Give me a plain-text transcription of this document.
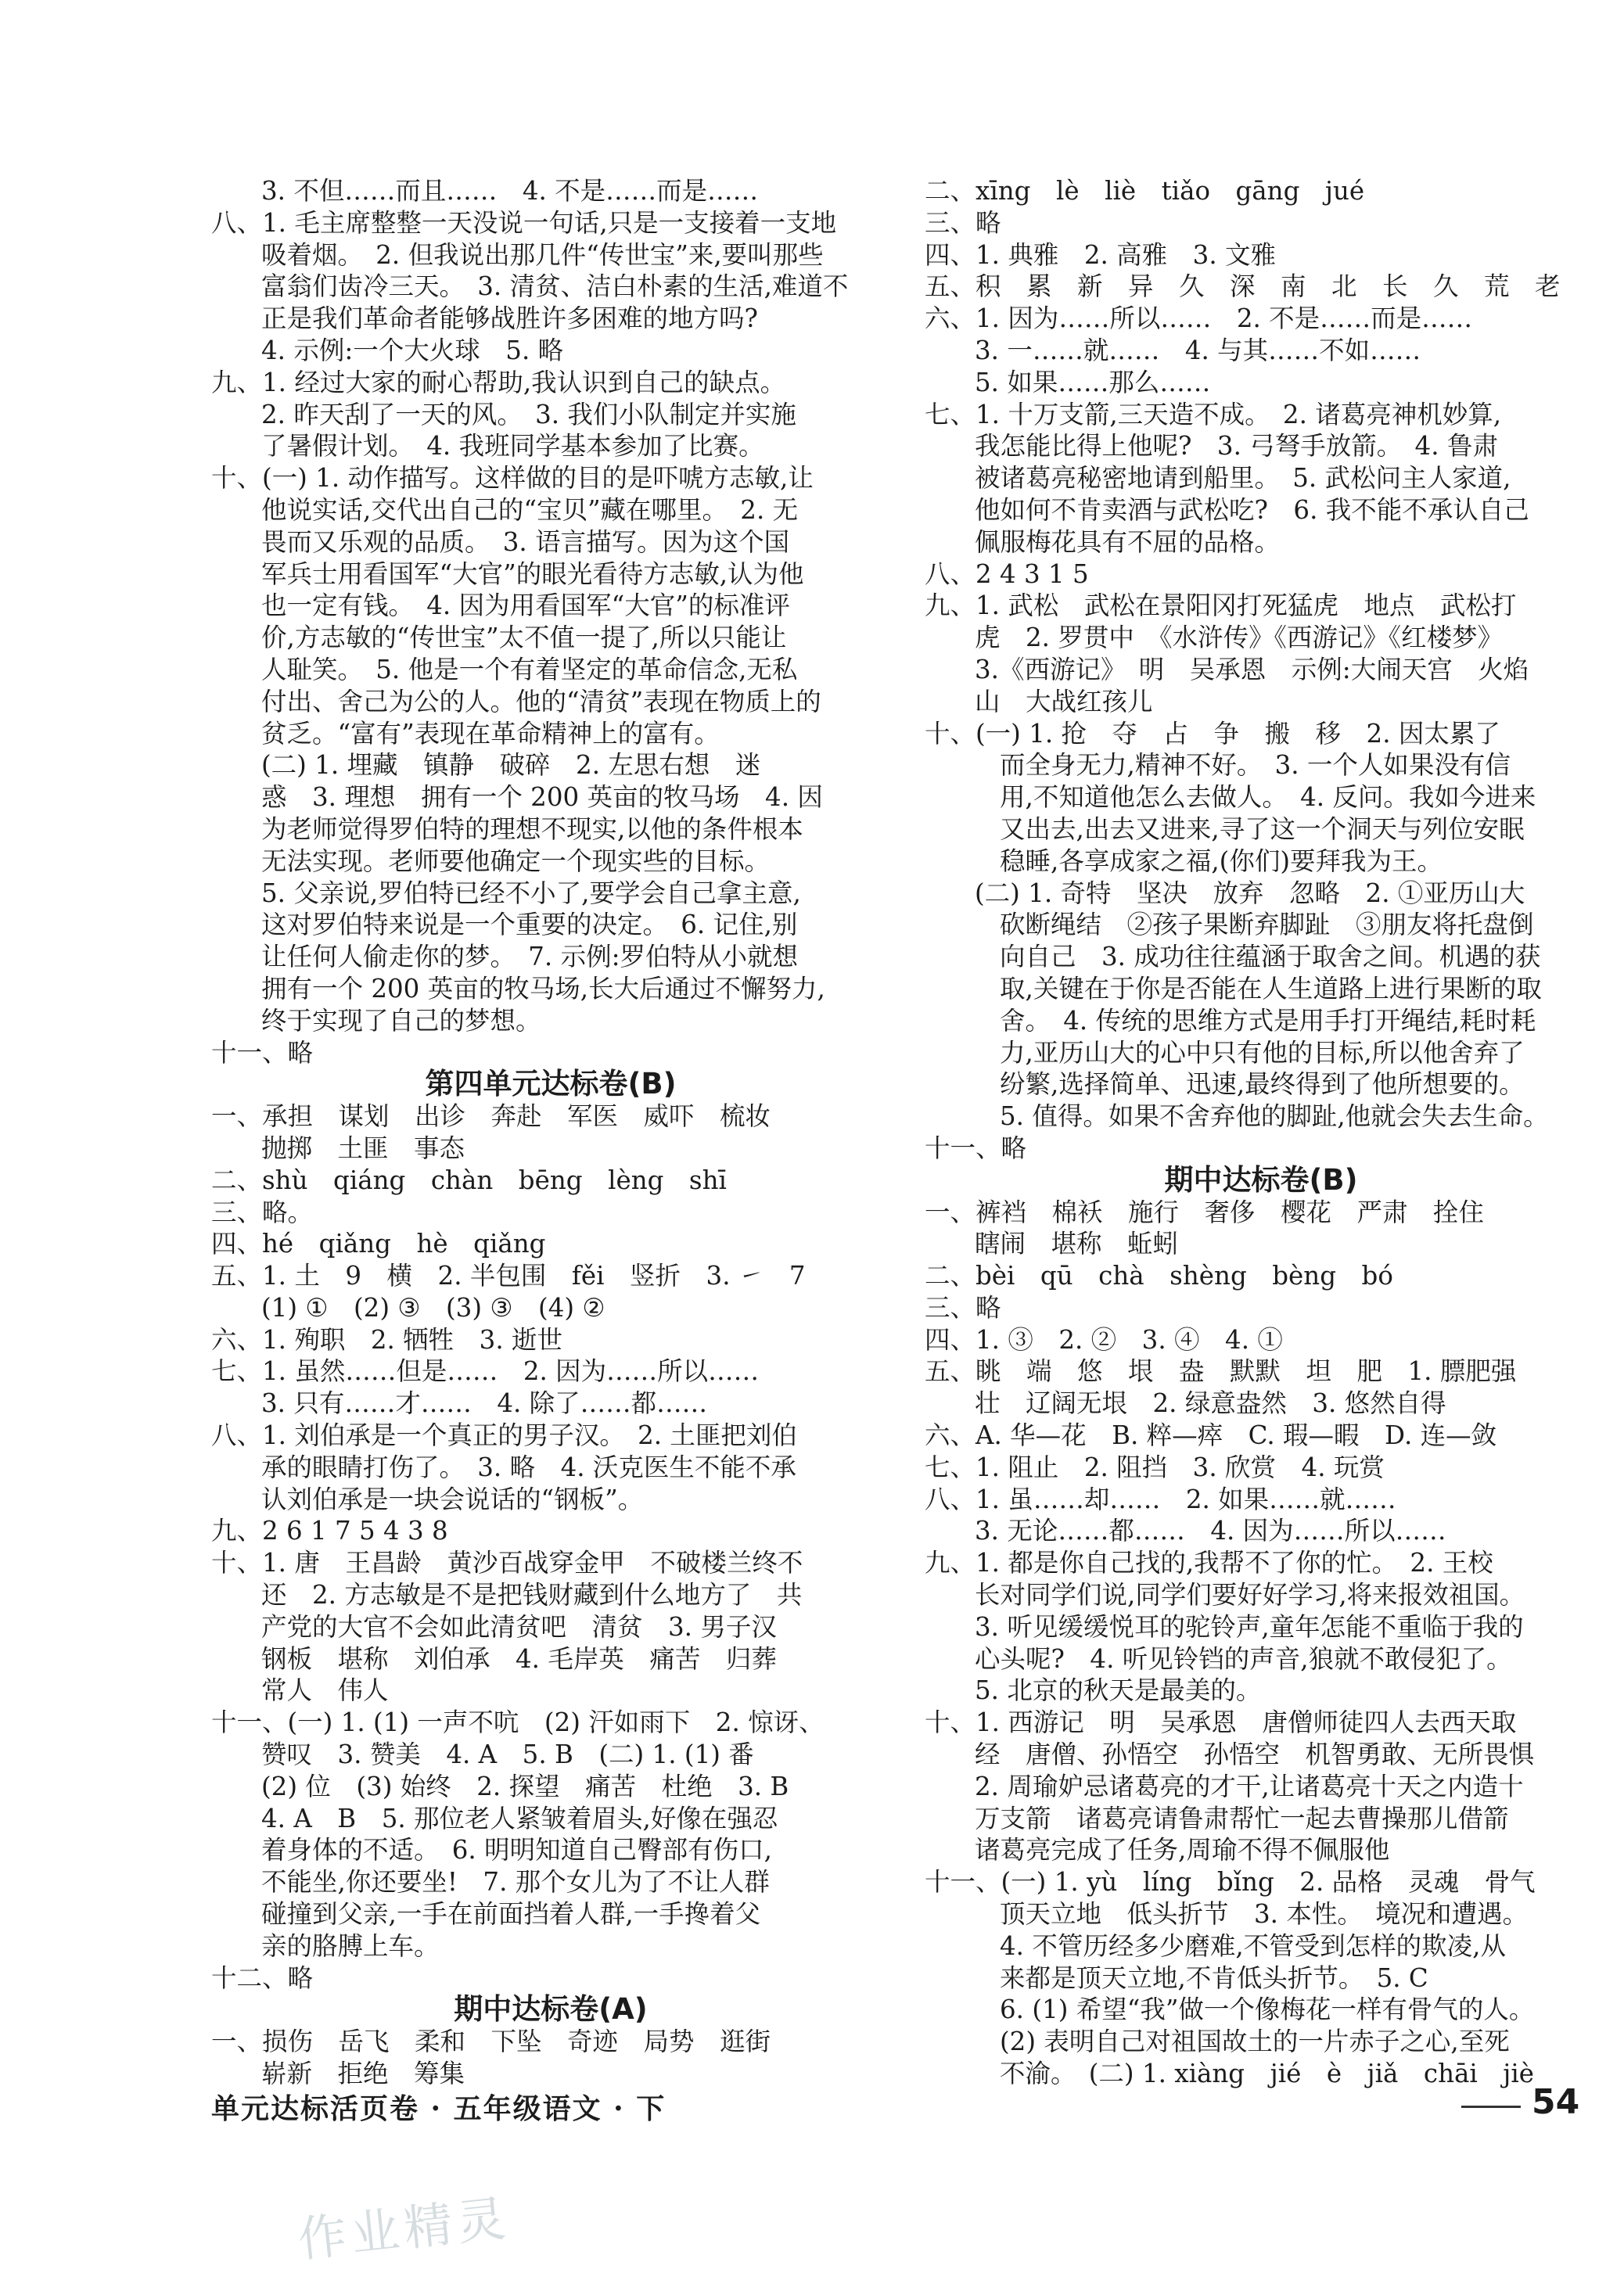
3. 不但……而且……　4. 不是……而是……

八、1. 毛主席整整一天没说一句话,只是一支接着一支地

吸着烟。　2. 但我说出那几件“传世宝”来,要叫那些

富翁们齿冷三天。　3. 清贫、洁白朴素的生活,难道不

正是我们革命者能够战胜许多困难的地方吗?

4. 示例:一个大火球　5. 略

九、1. 经过大家的耐心帮助,我认识到自己的缺点。

2. 昨天刮了一天的风。　3. 我们小队制定并实施

了暑假计划。　4. 我班同学基本参加了比赛。

十、(一) 1. 动作描写。这样做的目的是吓唬方志敏,让

他说实话,交代出自己的“宝贝”藏在哪里。　2. 无

畏而又乐观的品质。　3. 语言描写。因为这个国

军兵士用看国军“大官”的眼光看待方志敏,认为他

也一定有钱。　4. 因为用看国军“大官”的标准评

价,方志敏的“传世宝”太不值一提了,所以只能让

人耻笑。　5. 他是一个有着坚定的革命信念,无私

付出、舍己为公的人。他的“清贫”表现在物质上的

贫乏。“富有”表现在革命精神上的富有。

(二) 1. 埋藏　镇静　破碎　2. 左思右想　迷

惑　3. 理想　拥有一个 200 英亩的牧马场　4. 因

为老师觉得罗伯特的理想不现实,以他的条件根本

无法实现。老师要他确定一个现实些的目标。

5. 父亲说,罗伯特已经不小了,要学会自己拿主意,

这对罗伯特来说是一个重要的决定。　6. 记住,别

让任何人偷走你的梦。　7. 示例:罗伯特从小就想

拥有一个 200 英亩的牧马场,长大后通过不懈努力,

终于实现了自己的梦想。

十一、略

第四单元达标卷(B)

一、承担　谋划　出诊　奔赴　军医　威吓　梳妆

抛掷　土匪　事态

二、shù　qiáng　chàn　bēng　lèng　shī

三、略。

四、hé　qiǎng　hè　qiǎng

五、1. 土　9　横　2. 半包围　fěi　竖折　3. ㇀　7

(1) ①　(2) ③　(3) ③　(4) ②

六、1. 殉职　2. 牺牲　3. 逝世

七、1. 虽然……但是……　2. 因为……所以……

3. 只有……才……　4. 除了……都……

八、1. 刘伯承是一个真正的男子汉。　2. 土匪把刘伯

承的眼睛打伤了。　3. 略　4. 沃克医生不能不承

认刘伯承是一块会说话的“钢板”。

九、2 6 1 7 5 4 3 8

十、1. 唐　王昌龄　黄沙百战穿金甲　不破楼兰终不

还　2. 方志敏是不是把钱财藏到什么地方了　共

产党的大官不会如此清贫吧　清贫　3. 男子汉

钢板　堪称　刘伯承　4. 毛岸英　痛苦　归葬

常人　伟人

十一、(一) 1. (1) 一声不吭　(2) 汗如雨下　2. 惊讶、

赞叹　3. 赞美　4. A　5. B　(二) 1. (1) 番

(2) 位　(3) 始终　2. 探望　痛苦　杜绝　3. B

4. A　B　5. 那位老人紧皱着眉头,好像在强忍

着身体的不适。　6. 明明知道自己臀部有伤口,

不能坐,你还要坐!　7. 那个女儿为了不让人群

碰撞到父亲,一手在前面挡着人群,一手搀着父

亲的胳膊上车。

十二、略

期中达标卷(A)

一、损伤　岳飞　柔和　下坠　奇迹　局势　逛街

崭新　拒绝　筹集

二、xīng　lè　liè　tiǎo　gāng　jué

三、略

四、1. 典雅　2. 高雅　3. 文雅

五、积　累　新　异　久　深　南　北　长　久　荒　老

六、1. 因为……所以……　2. 不是……而是……

3. 一……就……　4. 与其……不如……

5. 如果……那么……

七、1. 十万支箭,三天造不成。　2. 诸葛亮神机妙算,

我怎能比得上他呢?　3. 弓弩手放箭。　4. 鲁肃

被诸葛亮秘密地请到船里。　5. 武松问主人家道,

他如何不肯卖酒与武松吃?　6. 我不能不承认自己

佩服梅花具有不屈的品格。

八、2 4 3 1 5

九、1. 武松　武松在景阳冈打死猛虎　地点　武松打

虎　2. 罗贯中　《水浒传》《西游记》《红楼梦》

3.《西游记》　明　吴承恩　示例:大闹天宫　火焰

山　大战红孩儿

十、(一) 1. 抢　夺　占　争　搬　移　2. 因太累了

而全身无力,精神不好。　3. 一个人如果没有信

用,不知道他怎么去做人。　4. 反问。我如今进来

又出去,出去又进来,寻了这一个洞天与列位安眠

稳睡,各享成家之福,(你们)要拜我为王。

(二) 1. 奇特　坚决　放弃　忽略　2. ①亚历山大

砍断绳结　②孩子果断弃脚趾　③朋友将托盘倒

向自己　3. 成功往往蕴涵于取舍之间。机遇的获

取,关键在于你是否能在人生道路上进行果断的取

舍。　4. 传统的思维方式是用手打开绳结,耗时耗

力,亚历山大的心中只有他的目标,所以他舍弃了

纷繁,选择简单、迅速,最终得到了他所想要的。

5. 值得。如果不舍弃他的脚趾,他就会失去生命。

十一、略

期中达标卷(B)

一、裤裆　棉袄　施行　奢侈　樱花　严肃　拴住

瞎闹　堪称　蚯蚓

二、bèi　qū　chà　shèng　bèng　bó

三、略

四、1. ③　2. ②　3. ④　4. ①

五、眺　端　悠　垠　盎　默默　坦　肥　1. 膘肥强

壮　辽阔无垠　2. 绿意盎然　3. 悠然自得

六、A. 华—花　B. 粹—瘁　C. 瑕—暇　D. 连—敛

七、1. 阻止　2. 阻挡　3. 欣赏　4. 玩赏

八、1. 虽……却……　2. 如果……就……

3. 无论……都……　4. 因为……所以……

九、1. 都是你自己找的,我帮不了你的忙。　2. 王校

长对同学们说,同学们要好好学习,将来报效祖国。

3. 听见缓缓悦耳的驼铃声,童年怎能不重临于我的

心头呢?　4. 听见铃铛的声音,狼就不敢侵犯了。

5. 北京的秋天是最美的。

十、1. 西游记　明　吴承恩　唐僧师徒四人去西天取

经　唐僧、孙悟空　孙悟空　机智勇敢、无所畏惧

2. 周瑜妒忌诸葛亮的才干,让诸葛亮十天之内造十

万支箭　诸葛亮请鲁肃帮忙一起去曹操那儿借箭

诸葛亮完成了任务,周瑜不得不佩服他

十一、(一) 1. yù　líng　bǐng　2. 品格　灵魂　骨气

顶天立地　低头折节　3. 本性。　境况和遭遇。

4. 不管历经多少磨难,不管受到怎样的欺凌,从

来都是顶天立地,不肯低头折节。　5. C

6. (1) 希望“我”做一个像梅花一样有骨气的人。

(2) 表明自己对祖国故土的一片赤子之心,至死

不渝。　(二) 1. xiàng　jié　è　jiǎ　chāi　jiè

单元达标活页卷 · 五年级语文 · 下	54
作业精灵
